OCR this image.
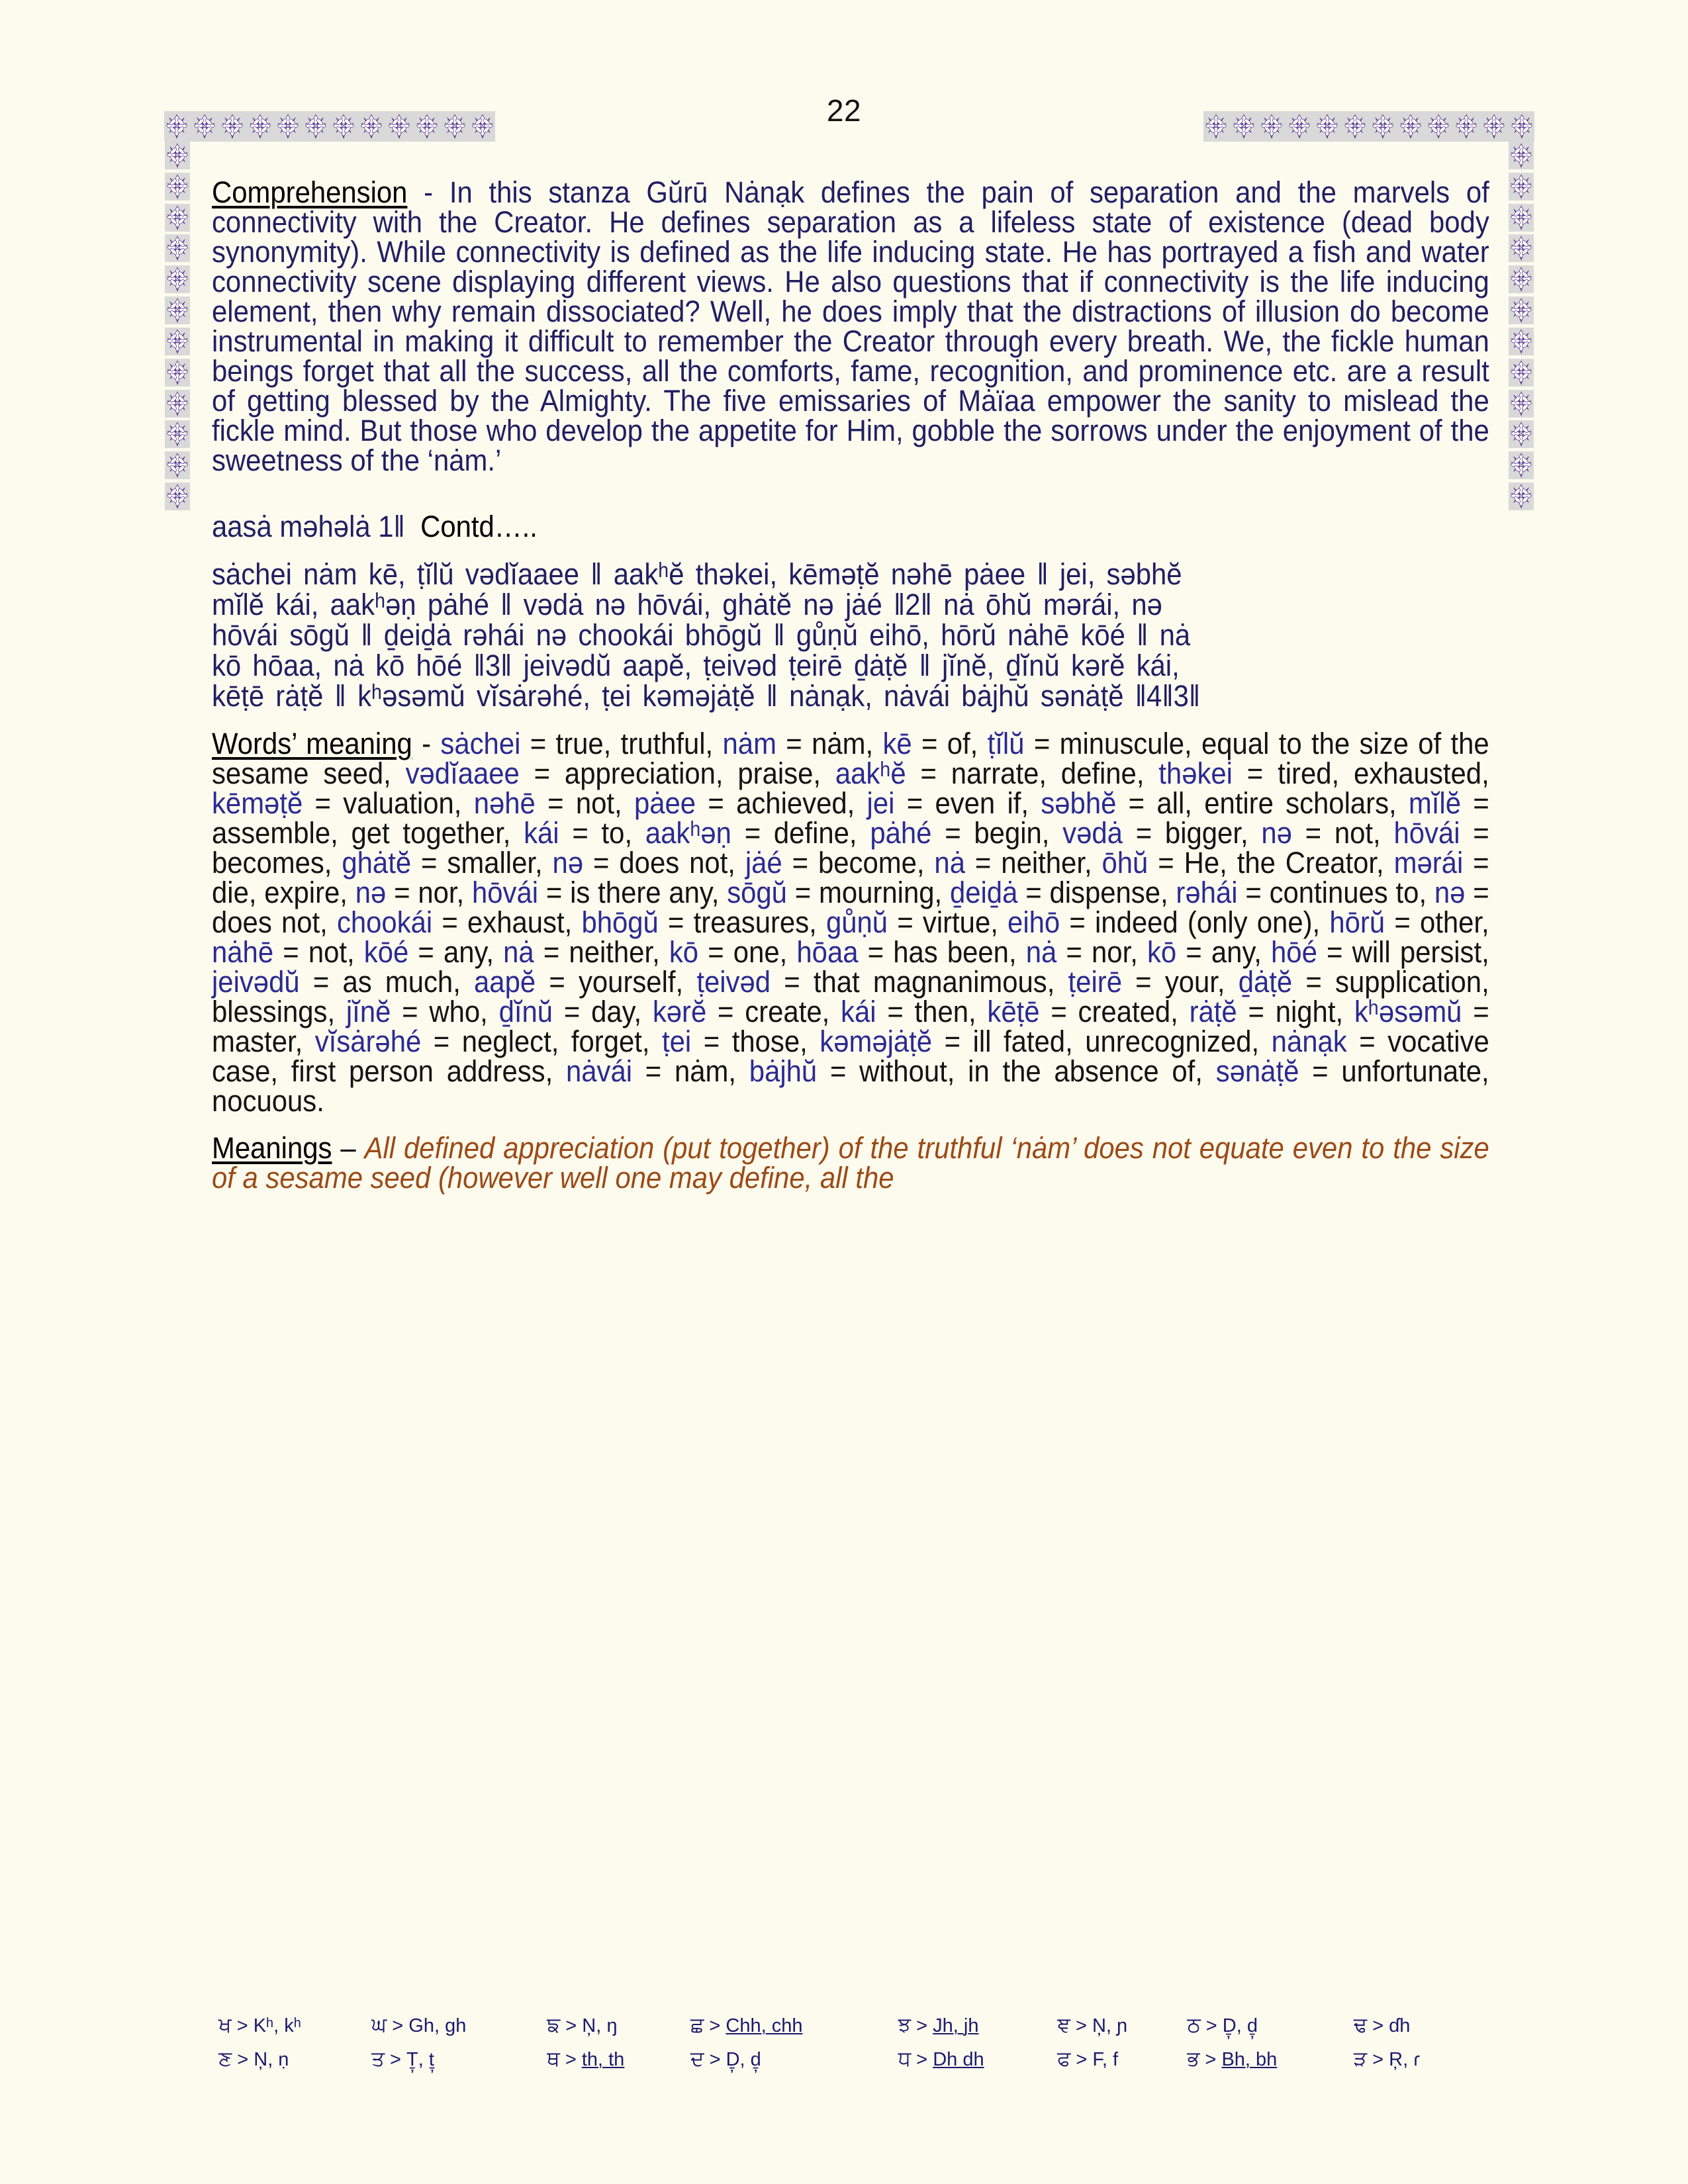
22

Comprehension - In this stanza Gŭrū Nȧnạk defines the pain of separation and the marvels of connectivity with the Creator. He defines separation as a lifeless state of existence (dead body synonymity). While connectivity is defined as the life inducing state. He has portrayed a fish and water connectivity scene displaying different views. He also questions that if connectivity is the life inducing element, then why remain dissociated? Well, he does imply that the distractions of illusion do become instrumental in making it difficult to remember the Creator through every breath. We, the fickle human beings forget that all the success, all the comforts, fame, recognition, and prominence etc. are a result of getting blessed by the Almighty. The five emissaries of Mȧïaa empower the sanity to mislead the fickle mind. But those who develop the appetite for Him, gobble the sorrows under the enjoyment of the sweetness of the ‘nȧm.’

aasȧ məhəlȧ 1‖ Contd…..

sȧchei nȧm kē, ṭĭlŭ vədĭaaee ‖ aakʰĕ thəkei, kēməṭĕ nəhē pȧee ‖ jei, səbhĕ

mĭlĕ kái, aakʰəṇ pȧhé ‖ vədȧ nə hōvái, ghȧtĕ nə jȧé ‖2‖ nȧ ōhŭ mərái, nə

hōvái sōgŭ ‖ ḏeiḏȧ rəhái nə chookái bhōgŭ ‖ gůṇŭ eihō, hōrŭ nȧhē kōé ‖ nȧ

kō hōaa, nȧ kō hōé ‖3‖ jeivədŭ aapĕ, ṭeivəd ṭeirē ḏȧṭĕ ‖ jĭnĕ, ḏĭnŭ kərĕ kái,

kēṭē rȧṭĕ ‖ kʰəsəmŭ vĭsȧrəhé, ṭei kəməjȧṭĕ ‖ nȧnạk, nȧvái bȧjhŭ sənȧṭĕ ‖4‖3‖

Words’ meaning - sȧchei = true, truthful, nȧm = nȧm, kē = of, ṭĭlŭ = minuscule, equal to the size of the sesame seed, vədĭaaee = appreciation, praise, aakʰĕ = narrate, define, thəkei = tired, exhausted, kēməṭĕ = valuation, nəhē = not, pȧee = achieved, jei = even if, səbhĕ = all, entire scholars, mĭlĕ = assemble, get together, kái = to, aakʰəṇ = define, pȧhé = begin, vədȧ = bigger, nə = not, hōvái = becomes, ghȧtĕ = smaller, nə = does not, jȧé = become, nȧ = neither, ōhŭ = He, the Creator, mərái = die, expire, nə = nor, hōvái = is there any, sōgŭ = mourning, ḏeiḏȧ = dispense, rəhái = continues to, nə = does not, chookái = exhaust, bhōgŭ = treasures, gůṇŭ = virtue, eihō = indeed (only one), hōrŭ = other, nȧhē = not, kōé = any, nȧ = neither, kō = one, hōaa = has been, nȧ = nor, kō = any, hōé = will persist, jeivədŭ = as much, aapĕ = yourself, ṭeivəd = that magnanimous, ṭeirē = your, ḏȧṭĕ = supplication, blessings, jĭnĕ = who, ḏĭnŭ = day, kərĕ = create, kái = then, kēṭē = created, rȧṭĕ = night, kʰəsəmŭ = master, vĭsȧrəhé = neglect, forget, ṭei = those, kəməjȧṭĕ = ill fated, unrecognized, nȧnạk = vocative case, first person address, nȧvái = nȧm, bȧjhŭ = without, in the absence of, sənȧṭĕ = unfortunate, nocuous.

Meanings – All defined appreciation (put together) of the truthful ‘nȧm’ does not equate even to the size of a sesame seed (however well one may define, all the

ਖ > Kʰ, kʰ	ਘ > Gh, gh	ਙ > N̦, ŋ	ਛ > Chh, chh	ਝ > Jh, jh	ਞ > N̦, ɲ	ਠ > Ḏ̦, ḏ̦	ਢ > ɗh
ਣ > N̦, ṇ	ਤ > Ṯ̦, ṯ̦	ਥ > th, th	ਦ > Ḏ̦, ḏ̦	ਧ > Dh dh	ਫ > F, f	ਭ > Bh, bh	ੜ > R̦, ɾ
